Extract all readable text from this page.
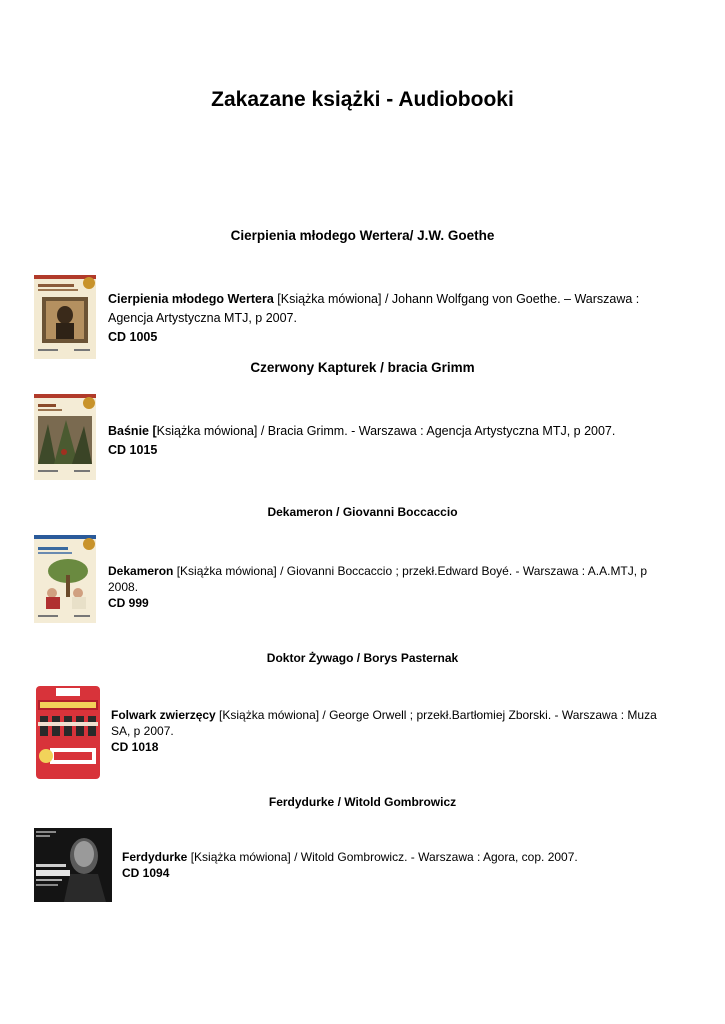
Zakazane książki - Audiobooki
Cierpienia młodego Wertera/ J.W. Goethe
Cierpienia młodego Wertera [Książka mówiona] / Johann Wolfgang von Goethe. – Warszawa : Agencja Artystyczna MTJ, p 2007.
CD 1005
Czerwony Kapturek / bracia Grimm
Baśnie [Książka mówiona] / Bracia Grimm. - Warszawa : Agencja Artystyczna MTJ, p 2007.
CD 1015
Dekameron / Giovanni Boccaccio
Dekameron [Książka mówiona] / Giovanni Boccaccio ; przekł.Edward Boyé. - Warszawa : A.A.MTJ, p 2008.
CD 999
Doktor Żywago / Borys Pasternak
Folwark zwierzęcy [Książka mówiona] / George Orwell ; przekł.Bartłomiej Zborski. - Warszawa : Muza SA, p 2007.
CD 1018
Ferdydurke / Witold Gombrowicz
Ferdydurke [Książka mówiona] / Witold Gombrowicz. - Warszawa : Agora, cop. 2007.
CD 1094
